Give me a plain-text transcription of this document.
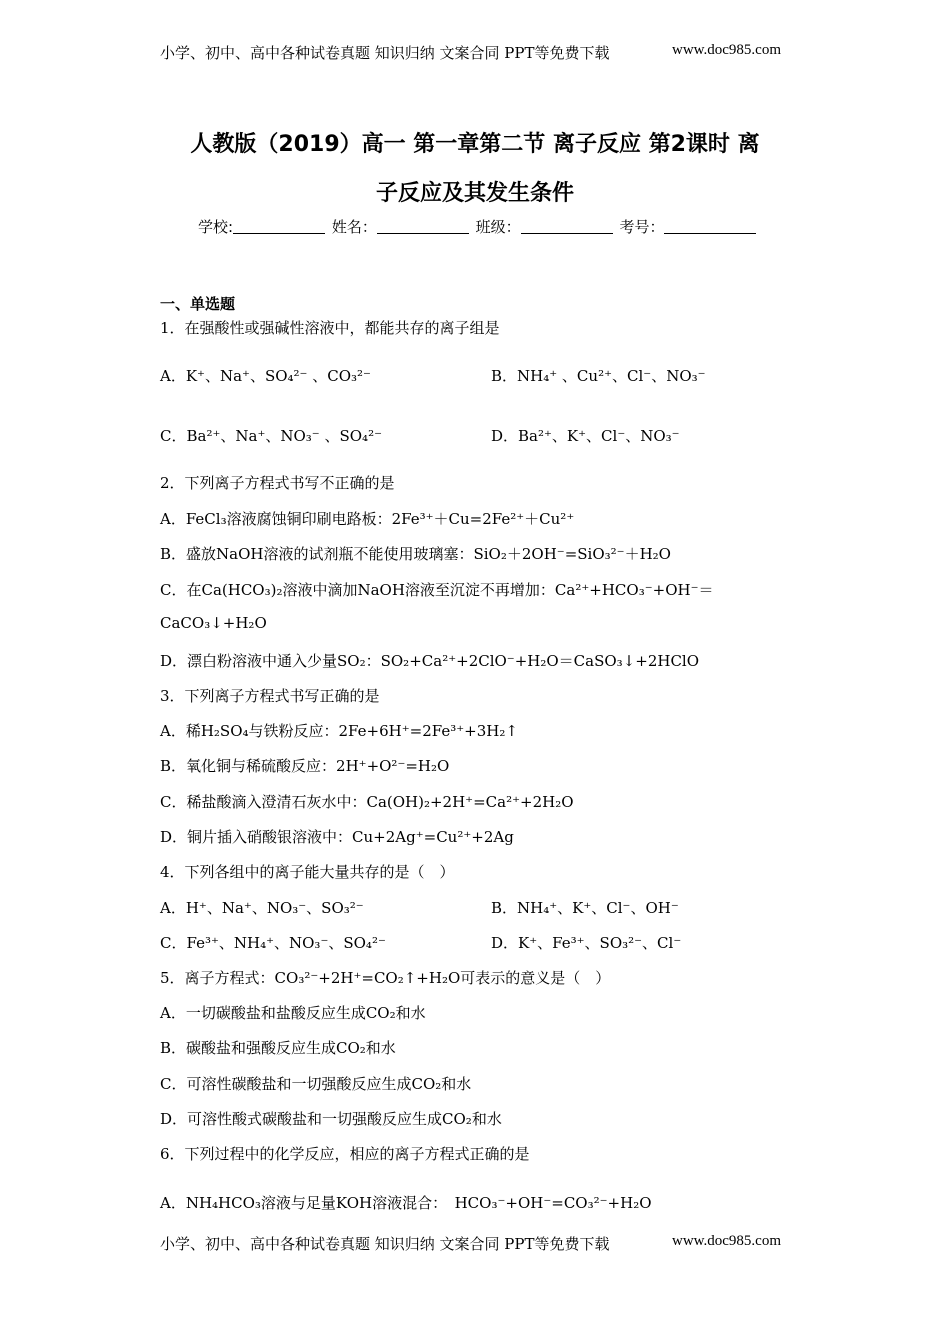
小学、初中、高中各种试卷真题 知识归纳 文案合同 PPT等免费下载	www.doc985.com
人教版（2019）高一 第一章第二节 离子反应 第2课时 离
子反应及其发生条件
学校:	姓名：	班级：	考号：
一、单选题
1．在强酸性或强碱性溶液中，都能共存的离子组是
A．K⁺、Na⁺、SO₄²⁻ 、CO₃²⁻	B．NH₄⁺ 、Cu²⁺、Cl⁻、NO₃⁻
C．Ba²⁺、Na⁺、NO₃⁻ 、SO₄²⁻	D．Ba²⁺、K⁺、Cl⁻、NO₃⁻
2．下列离子方程式书写不正确的是
A．FeCl₃溶液腐蚀铜印刷电路板：2Fe³⁺＋Cu=2Fe²⁺＋Cu²⁺
B．盛放NaOH溶液的试剂瓶不能使用玻璃塞：SiO₂＋2OH⁻=SiO₃²⁻＋H₂O
C．在Ca(HCO₃)₂溶液中滴加NaOH溶液至沉淀不再增加：Ca²⁺+HCO₃⁻+OH⁻＝
CaCO₃↓+H₂O
D．漂白粉溶液中通入少量SO₂：SO₂+Ca²⁺+2ClO⁻+H₂O＝CaSO₃↓+2HClO
3．下列离子方程式书写正确的是
A．稀H₂SO₄与铁粉反应：2Fe+6H⁺=2Fe³⁺+3H₂↑
B．氧化铜与稀硫酸反应：2H⁺+O²⁻=H₂O
C．稀盐酸滴入澄清石灰水中：Ca(OH)₂+2H⁺=Ca²⁺+2H₂O
D．铜片插入硝酸银溶液中：Cu+2Ag⁺=Cu²⁺+2Ag
4．下列各组中的离子能大量共存的是（　）
A．H⁺、Na⁺、NO₃⁻、SO₃²⁻	B．NH₄⁺、K⁺、Cl⁻、OH⁻
C．Fe³⁺、NH₄⁺、NO₃⁻、SO₄²⁻	D．K⁺、Fe³⁺、SO₃²⁻、Cl⁻
5．离子方程式：CO₃²⁻+2H⁺=CO₂↑+H₂O可表示的意义是（　）
A．一切碳酸盐和盐酸反应生成CO₂和水
B．碳酸盐和强酸反应生成CO₂和水
C．可溶性碳酸盐和一切强酸反应生成CO₂和水
D．可溶性酸式碳酸盐和一切强酸反应生成CO₂和水
6．下列过程中的化学反应，相应的离子方程式正确的是
A．NH₄HCO₃溶液与足量KOH溶液混合：　HCO₃⁻+OH⁻=CO₃²⁻+H₂O
小学、初中、高中各种试卷真题 知识归纳 文案合同 PPT等免费下载	www.doc985.com
